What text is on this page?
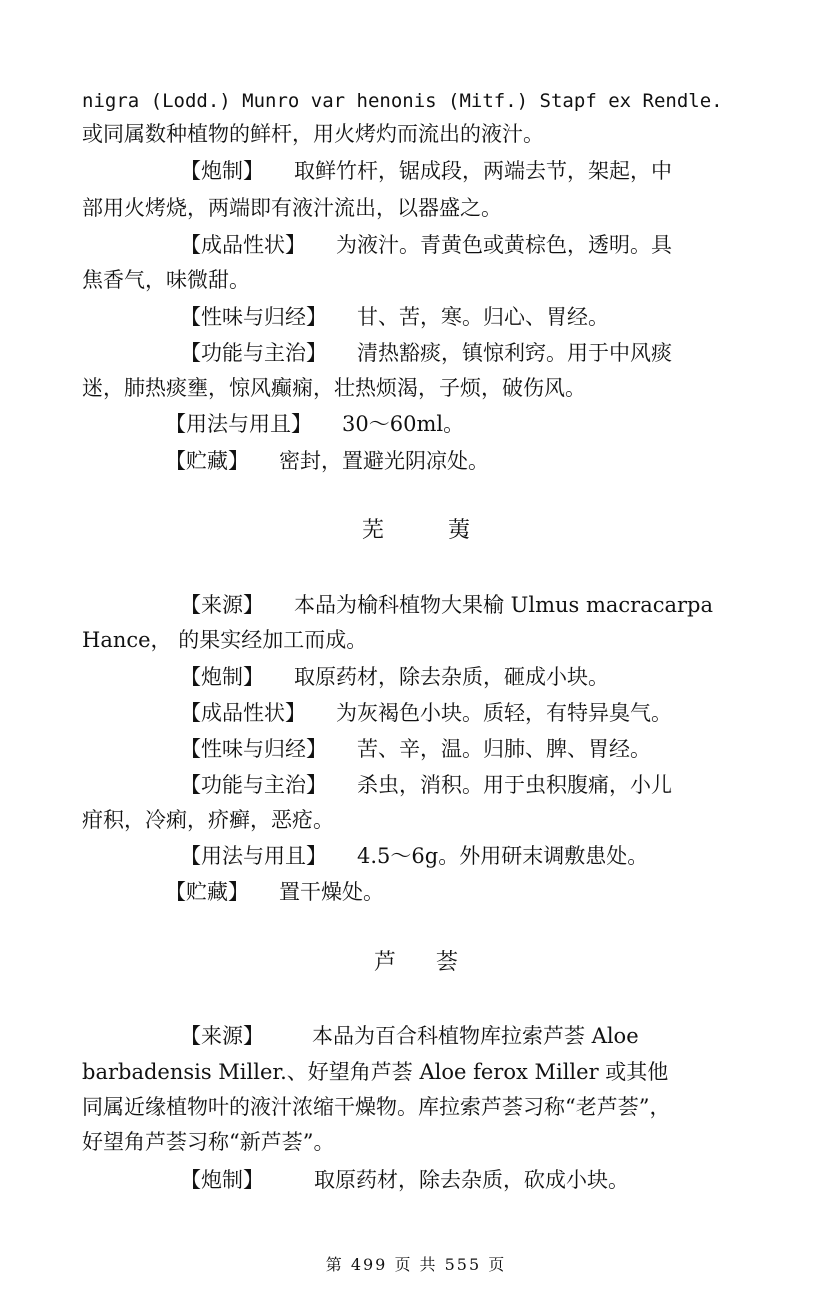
nigra (Lodd.) Munro var henonis (Mitf.) Stapf ex Rendle.
或同属数种植物的鲜杆，用火烤灼而流出的液汁。
【炮制】 取鲜竹杆，锯成段，两端去节，架起，中
部用火烤烧，两端即有液汁流出，以器盛之。
【成品性状】 为液汁。青黄色或黄棕色，透明。具
焦香气，味微甜。
【性味与归经】 甘、苦，寒。归心、胃经。
【功能与主治】 清热豁痰，镇惊利窍。用于中风痰
迷，肺热痰壅，惊风癫痫，壮热烦渴，子烦，破伤风。
【用法与用且】 30～60ml。
【贮藏】 密封，置避光阴凉处。
芜荑
【来源】 本品为榆科植物大果榆 Ulmus macracarpa
Hance， 的果实经加工而成。
【炮制】 取原药材，除去杂质，砸成小块。
【成品性状】 为灰褐色小块。质轻，有特异臭气。
【性味与归经】 苦、辛，温。归肺、脾、胃经。
【功能与主治】 杀虫，消积。用于虫积腹痛，小儿
疳积，冷痢，疥癣，恶疮。
【用法与用且】 4.5～6g。外用研末调敷患处。
【贮藏】 置干燥处。
芦荟
【来源】 本品为百合科植物库拉索芦荟 Aloe
barbadensis Miller.、好望角芦荟 Aloe ferox Miller 或其他
同属近缘植物叶的液汁浓缩干燥物。库拉索芦荟习称“老芦荟”，
好望角芦荟习称“新芦荟”。
【炮制】 取原药材，除去杂质，砍成小块。
第 499 页 共 555 页
